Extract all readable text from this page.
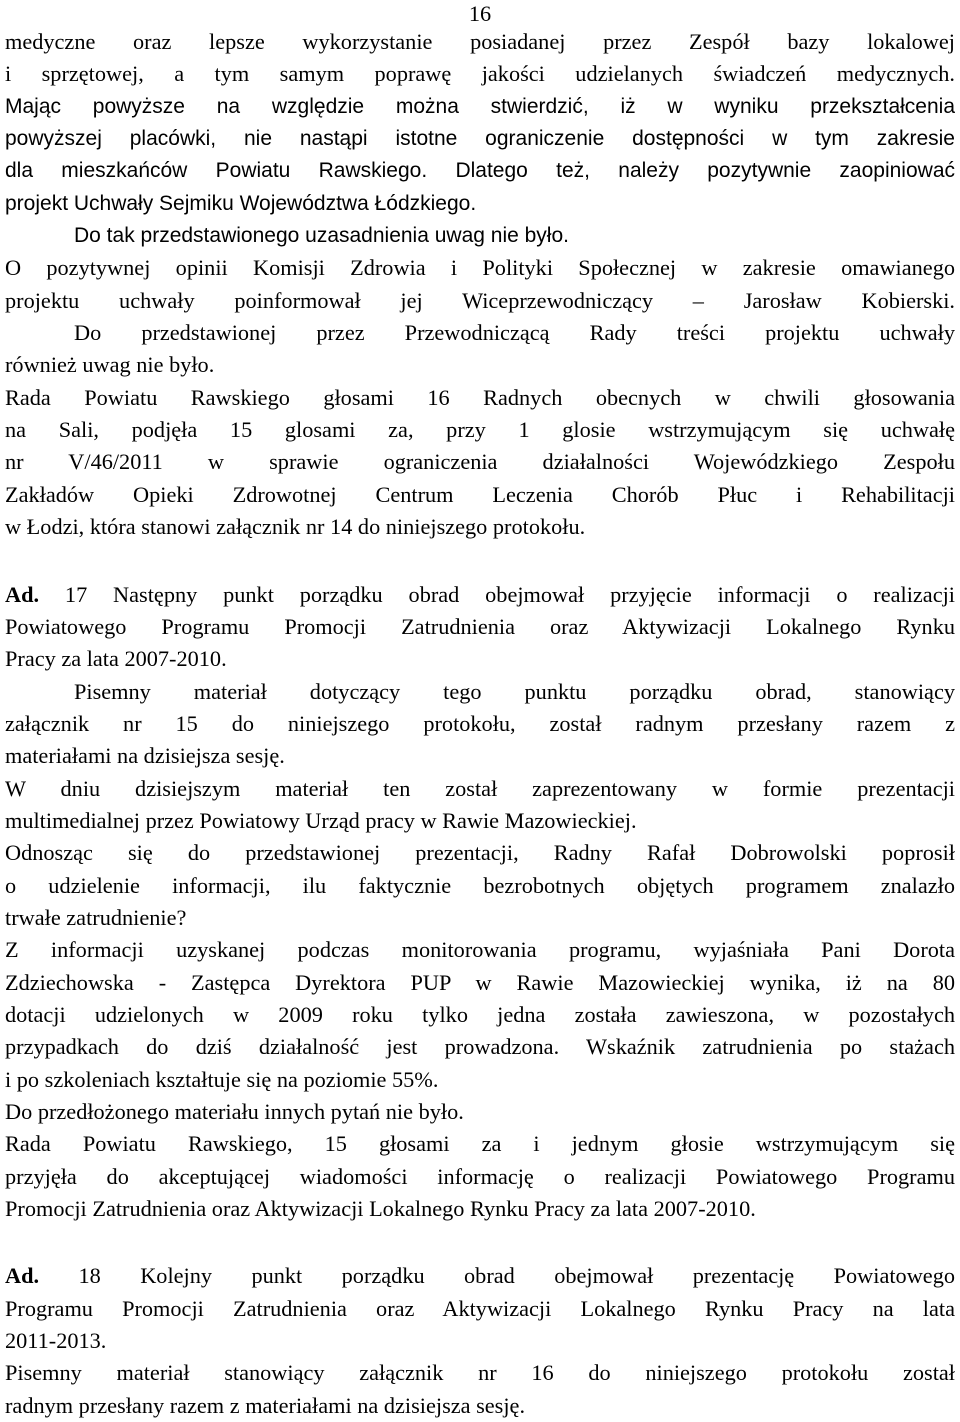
16
medyczne oraz lepsze wykorzystanie posiadanej przez Zespół bazy lokalowej
i sprzętowej, a tym samym poprawę jakości udzielanych świadczeń medycznych.
Mając powyższe na względzie można stwierdzić, iż w wyniku przekształcenia
powyższej placówki, nie nastąpi istotne ograniczenie dostępności w tym zakresie
dla mieszkańców Powiatu Rawskiego. Dlatego też, należy pozytywnie zaopiniować
projekt Uchwały Sejmiku Województwa Łódzkiego.
Do tak przedstawionego uzasadnienia uwag nie było.
O pozytywnej opinii Komisji Zdrowia i Polityki Społecznej w zakresie omawianego
projektu uchwały poinformował jej Wiceprzewodniczący – Jarosław Kobierski.
Do przedstawionej przez Przewodniczącą Rady treści projektu uchwały
również uwag nie było.
Rada Powiatu Rawskiego głosami 16 Radnych obecnych w chwili głosowania
na Sali, podjęła 15 glosami za, przy 1 glosie wstrzymującym się uchwałę
nr V/46/2011 w sprawie ograniczenia działalności Wojewódzkiego Zespołu
Zakładów Opieki Zdrowotnej Centrum Leczenia Chorób Płuc i Rehabilitacji
w Łodzi, która stanowi załącznik nr 14 do niniejszego protokołu.
Ad. 17 Następny punkt porządku obrad obejmował przyjęcie informacji o realizacji
Powiatowego Programu Promocji Zatrudnienia oraz Aktywizacji Lokalnego Rynku
Pracy za lata 2007-2010.
Pisemny materiał dotyczący tego punktu porządku obrad, stanowiący
załącznik nr 15 do niniejszego protokołu, został radnym przesłany razem z
materiałami na dzisiejsza sesję.
W dniu dzisiejszym materiał ten został zaprezentowany w formie prezentacji
multimedialnej przez Powiatowy Urząd pracy w Rawie Mazowieckiej.
Odnosząc się do przedstawionej prezentacji, Radny Rafał Dobrowolski poprosił
o udzielenie informacji, ilu faktycznie bezrobotnych objętych programem znalazło
trwałe zatrudnienie?
Z informacji uzyskanej podczas monitorowania programu, wyjaśniała Pani Dorota
Zdziechowska - Zastępca Dyrektora PUP w Rawie Mazowieckiej wynika, iż na 80
dotacji udzielonych w 2009 roku tylko jedna została zawieszona, w pozostałych
przypadkach do dziś działalność jest prowadzona. Wskaźnik zatrudnienia po stażach
i po szkoleniach kształtuje się na poziomie 55%.
Do przedłożonego materiału innych pytań nie było.
Rada Powiatu Rawskiego, 15 głosami za i jednym głosie wstrzymującym się
przyjęła do akceptującej wiadomości informację o realizacji Powiatowego Programu
Promocji Zatrudnienia oraz Aktywizacji Lokalnego Rynku Pracy za lata 2007-2010.
Ad. 18 Kolejny punkt porządku obrad obejmował prezentację Powiatowego
Programu Promocji Zatrudnienia oraz Aktywizacji Lokalnego Rynku Pracy na lata
2011-2013.
Pisemny materiał stanowiący załącznik nr 16 do niniejszego protokołu został
radnym przesłany razem z materiałami na dzisiejsza sesję.
